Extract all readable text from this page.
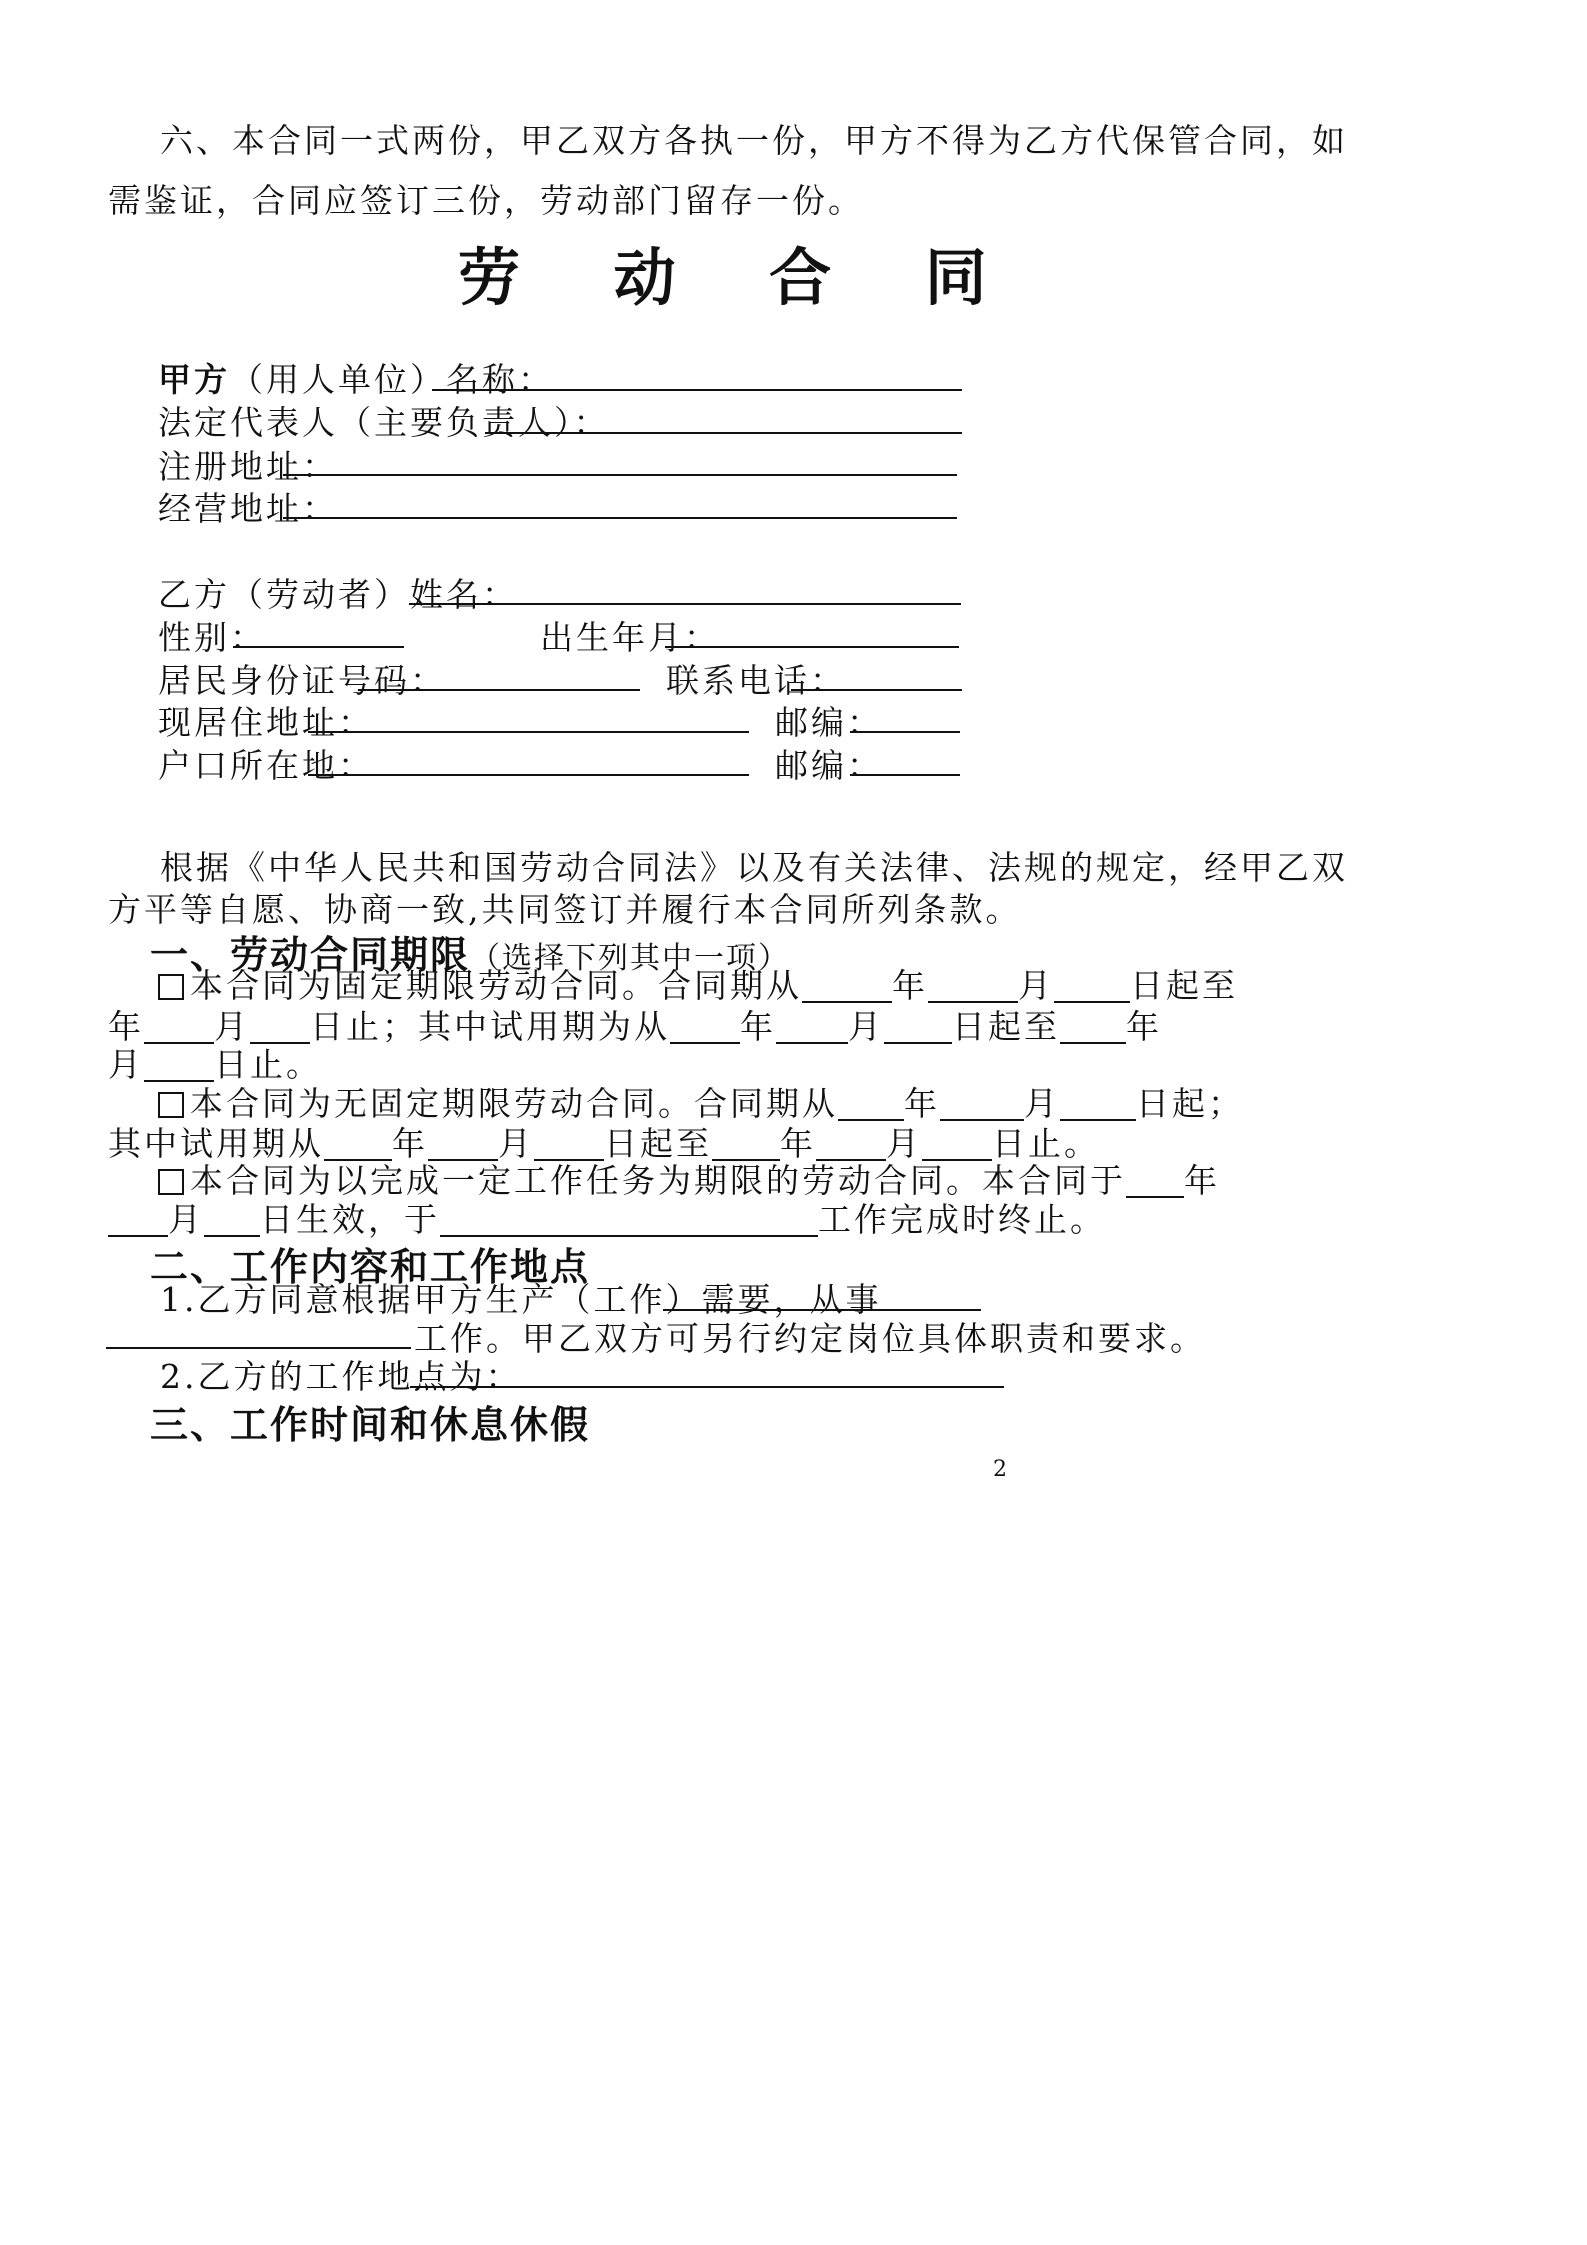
六、本合同一式两份，甲乙双方各执一份，甲方不得为乙方代保管合同，如
需鉴证，合同应签订三份，劳动部门留存一份。
劳 动 合 同
甲方（用人单位）名称：
法定代表人（主要负责人）：
注册地址：
经营地址：
乙方（劳动者）姓名：
性别：	出生年月：
居民身份证号码：	联系电话：
现居住地址：	邮编：
户口所在地：	邮编：
根据《中华人民共和国劳动合同法》以及有关法律、法规的规定，经甲乙双
方平等自愿、协商一致,共同签订并履行本合同所列条款。
一、劳动合同期限（选择下列其中一项）
本合同为固定期限劳动合同。合同期从	年	月 日起至
年 月 日止；其中试用期为从 年 月 日起至 年
月 日止。
本合同为无固定期限劳动合同。合同期从 年	月 日起；
其中试用期从 年 月 日起至 年 月 日止。
本合同为以完成一定工作任务为期限的劳动合同。本合同于 年
月 日生效，于	工作完成时终止。
二、工作内容和工作地点
1.乙方同意根据甲方生产（工作）需要，从事
工作。甲乙双方可另行约定岗位具体职责和要求。
2.乙方的工作地点为：
三、工作时间和休息休假
2
